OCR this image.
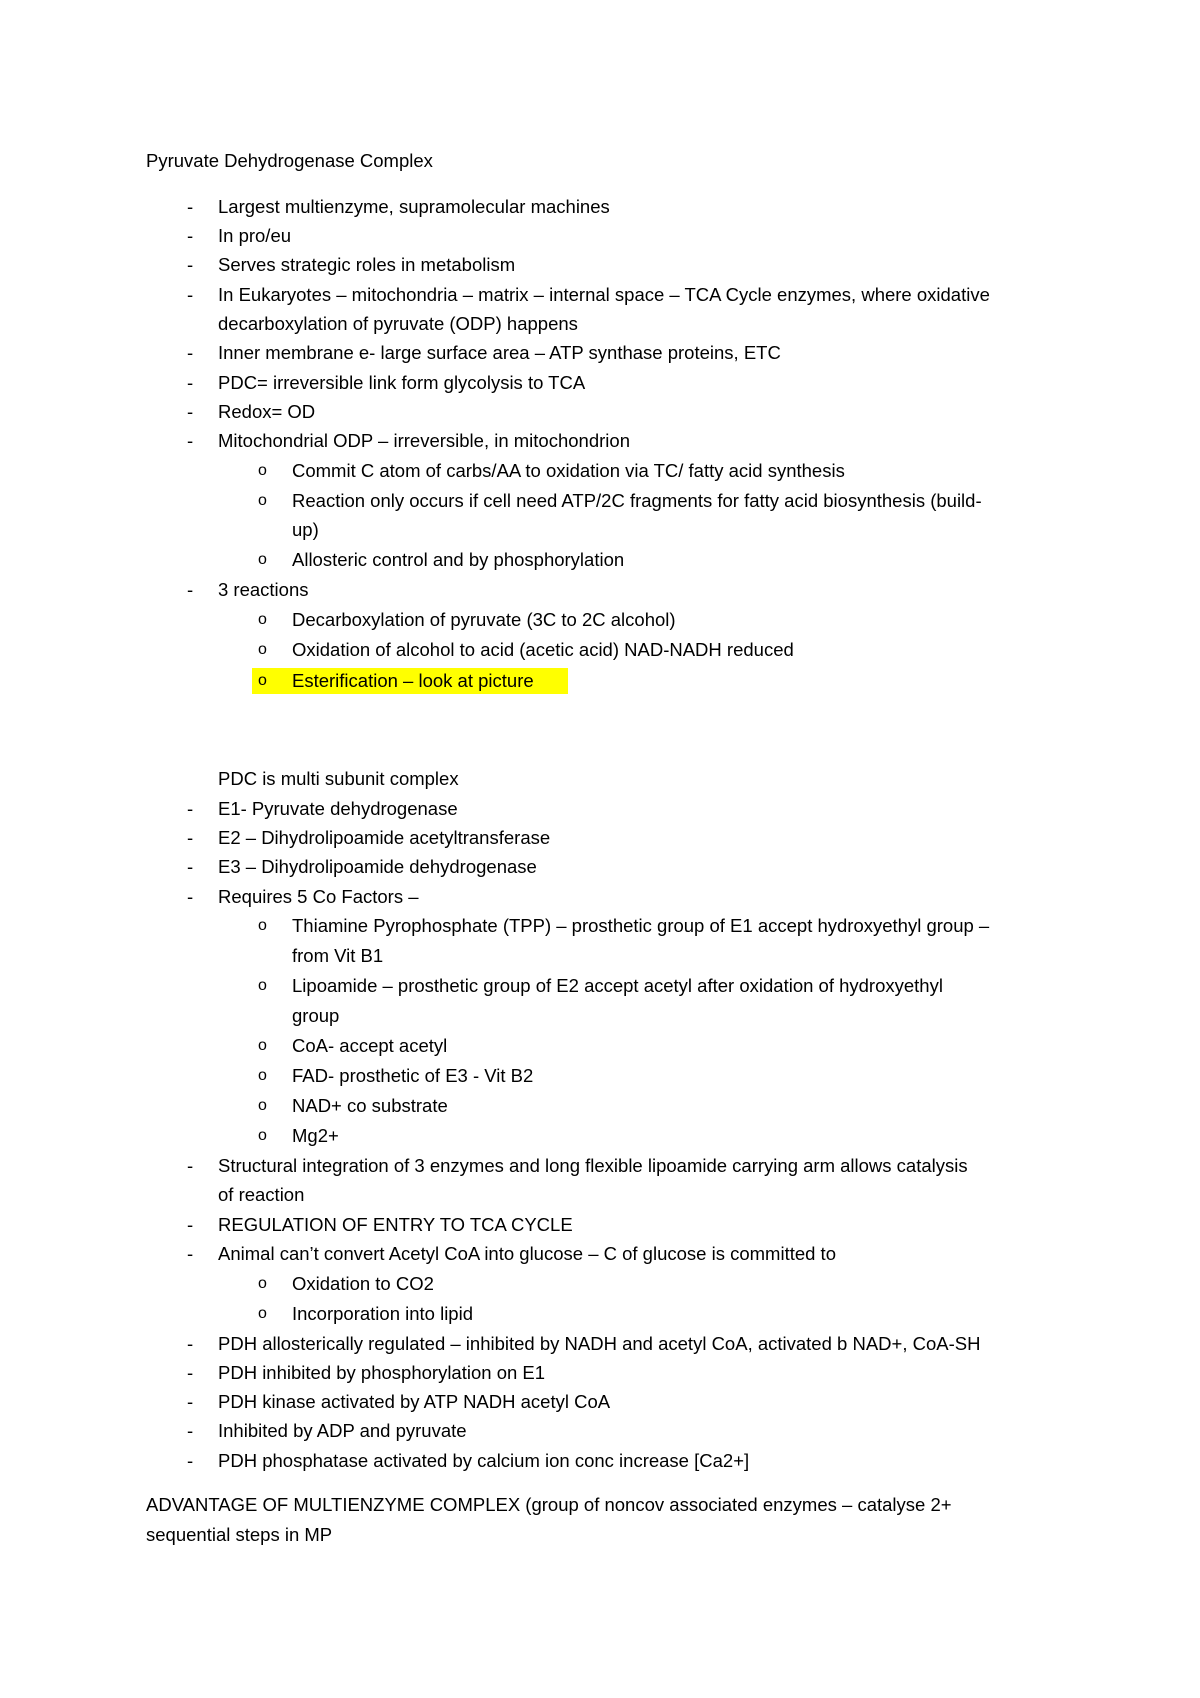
Pyruvate Dehydrogenase Complex
- Largest multienzyme, supramolecular machines
- In pro/eu
- Serves strategic roles in metabolism
- In Eukaryotes – mitochondria – matrix – internal space – TCA Cycle enzymes, where oxidative
decarboxylation of pyruvate (ODP) happens
- Inner membrane e- large surface area – ATP synthase proteins, ETC
- PDC= irreversible link form glycolysis to TCA
- Redox= OD
- Mitochondrial ODP – irreversible, in mitochondrion
o Commit C atom of carbs/AA to oxidation via TC/ fatty acid synthesis
o Reaction only occurs if cell need ATP/2C fragments for fatty acid biosynthesis (build-
up)
o Allosteric control and by phosphorylation
- 3 reactions
o Decarboxylation of pyruvate (3C to 2C alcohol)
o Oxidation of alcohol to acid (acetic acid) NAD-NADH reduced
o Esterification – look at picture
PDC is multi subunit complex
- E1- Pyruvate dehydrogenase
- E2 – Dihydrolipoamide acetyltransferase
- E3 – Dihydrolipoamide dehydrogenase
- Requires 5 Co Factors –
o Thiamine Pyrophosphate (TPP) – prosthetic group of E1 accept hydroxyethyl group –
from Vit B1
o Lipoamide – prosthetic group of E2 accept acetyl after oxidation of hydroxyethyl
group
o CoA- accept acetyl
o FAD- prosthetic of E3 - Vit B2
o NAD+ co substrate
o Mg2+
- Structural integration of 3 enzymes and long flexible lipoamide carrying arm allows catalysis
of reaction
- REGULATION OF ENTRY TO TCA CYCLE
- Animal can’t convert Acetyl CoA into glucose – C of glucose is committed to
o Oxidation to CO2
o Incorporation into lipid
- PDH allosterically regulated – inhibited by NADH and acetyl CoA, activated b NAD+, CoA-SH
- PDH inhibited by phosphorylation on E1
- PDH kinase activated by ATP NADH acetyl CoA
- Inhibited by ADP and pyruvate
- PDH phosphatase activated by calcium ion conc increase [Ca2+]
ADVANTAGE OF MULTIENZYME COMPLEX (group of noncov associated enzymes – catalyse 2+
sequential steps in MP
